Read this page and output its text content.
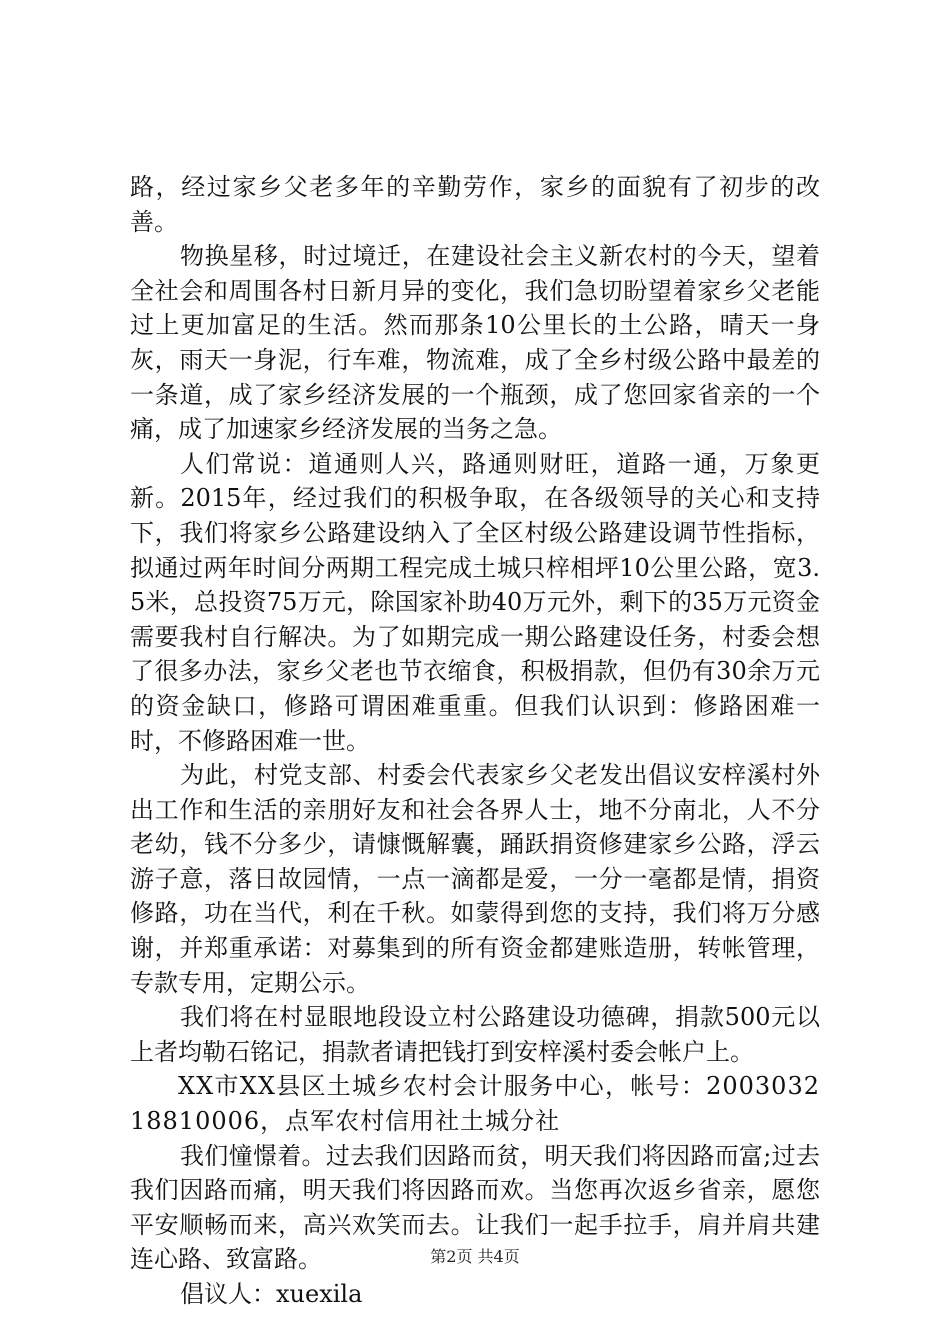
路，经过家乡父老多年的辛勤劳作，家乡的面貌有了初步的改善。

物换星移，时过境迁，在建设社会主义新农村的今天，望着全社会和周围各村日新月异的变化，我们急切盼望着家乡父老能过上更加富足的生活。然而那条10公里长的土公路，晴天一身灰，雨天一身泥，行车难，物流难，成了全乡村级公路中最差的一条道，成了家乡经济发展的一个瓶颈，成了您回家省亲的一个痛，成了加速家乡经济发展的当务之急。

人们常说：道通则人兴，路通则财旺，道路一通，万象更新。2015年，经过我们的积极争取，在各级领导的关心和支持下，我们将家乡公路建设纳入了全区村级公路建设调节性指标，拟通过两年时间分两期工程完成土城只梓相坪10公里公路，宽3.5米，总投资75万元，除国家补助40万元外，剩下的35万元资金需要我村自行解决。为了如期完成一期公路建设任务，村委会想了很多办法，家乡父老也节衣缩食，积极捐款，但仍有30余万元的资金缺口，修路可谓困难重重。但我们认识到：修路困难一时，不修路困难一世。

为此，村党支部、村委会代表家乡父老发出倡议安梓溪村外出工作和生活的亲朋好友和社会各界人士，地不分南北，人不分老幼，钱不分多少，请慷慨解囊，踊跃捐资修建家乡公路，浮云游子意，落日故园情，一点一滴都是爱，一分一毫都是情，捐资修路，功在当代，利在千秋。如蒙得到您的支持，我们将万分感谢，并郑重承诺：对募集到的所有资金都建账造册，转帐管理，专款专用，定期公示。

我们将在村显眼地段设立村公路建设功德碑，捐款500元以上者均勒石铭记，捐款者请把钱打到安梓溪村委会帐户上。

XX市XX县区土城乡农村会计服务中心，帐号：200303218810006，点军农村信用社土城分社

我们憧憬着。过去我们因路而贫，明天我们将因路而富;过去我们因路而痛，明天我们将因路而欢。当您再次返乡省亲，愿您平安顺畅而来，高兴欢笑而去。让我们一起手拉手，肩并肩共建连心路、致富路。

倡议人：xuexila

第2页 共4页
